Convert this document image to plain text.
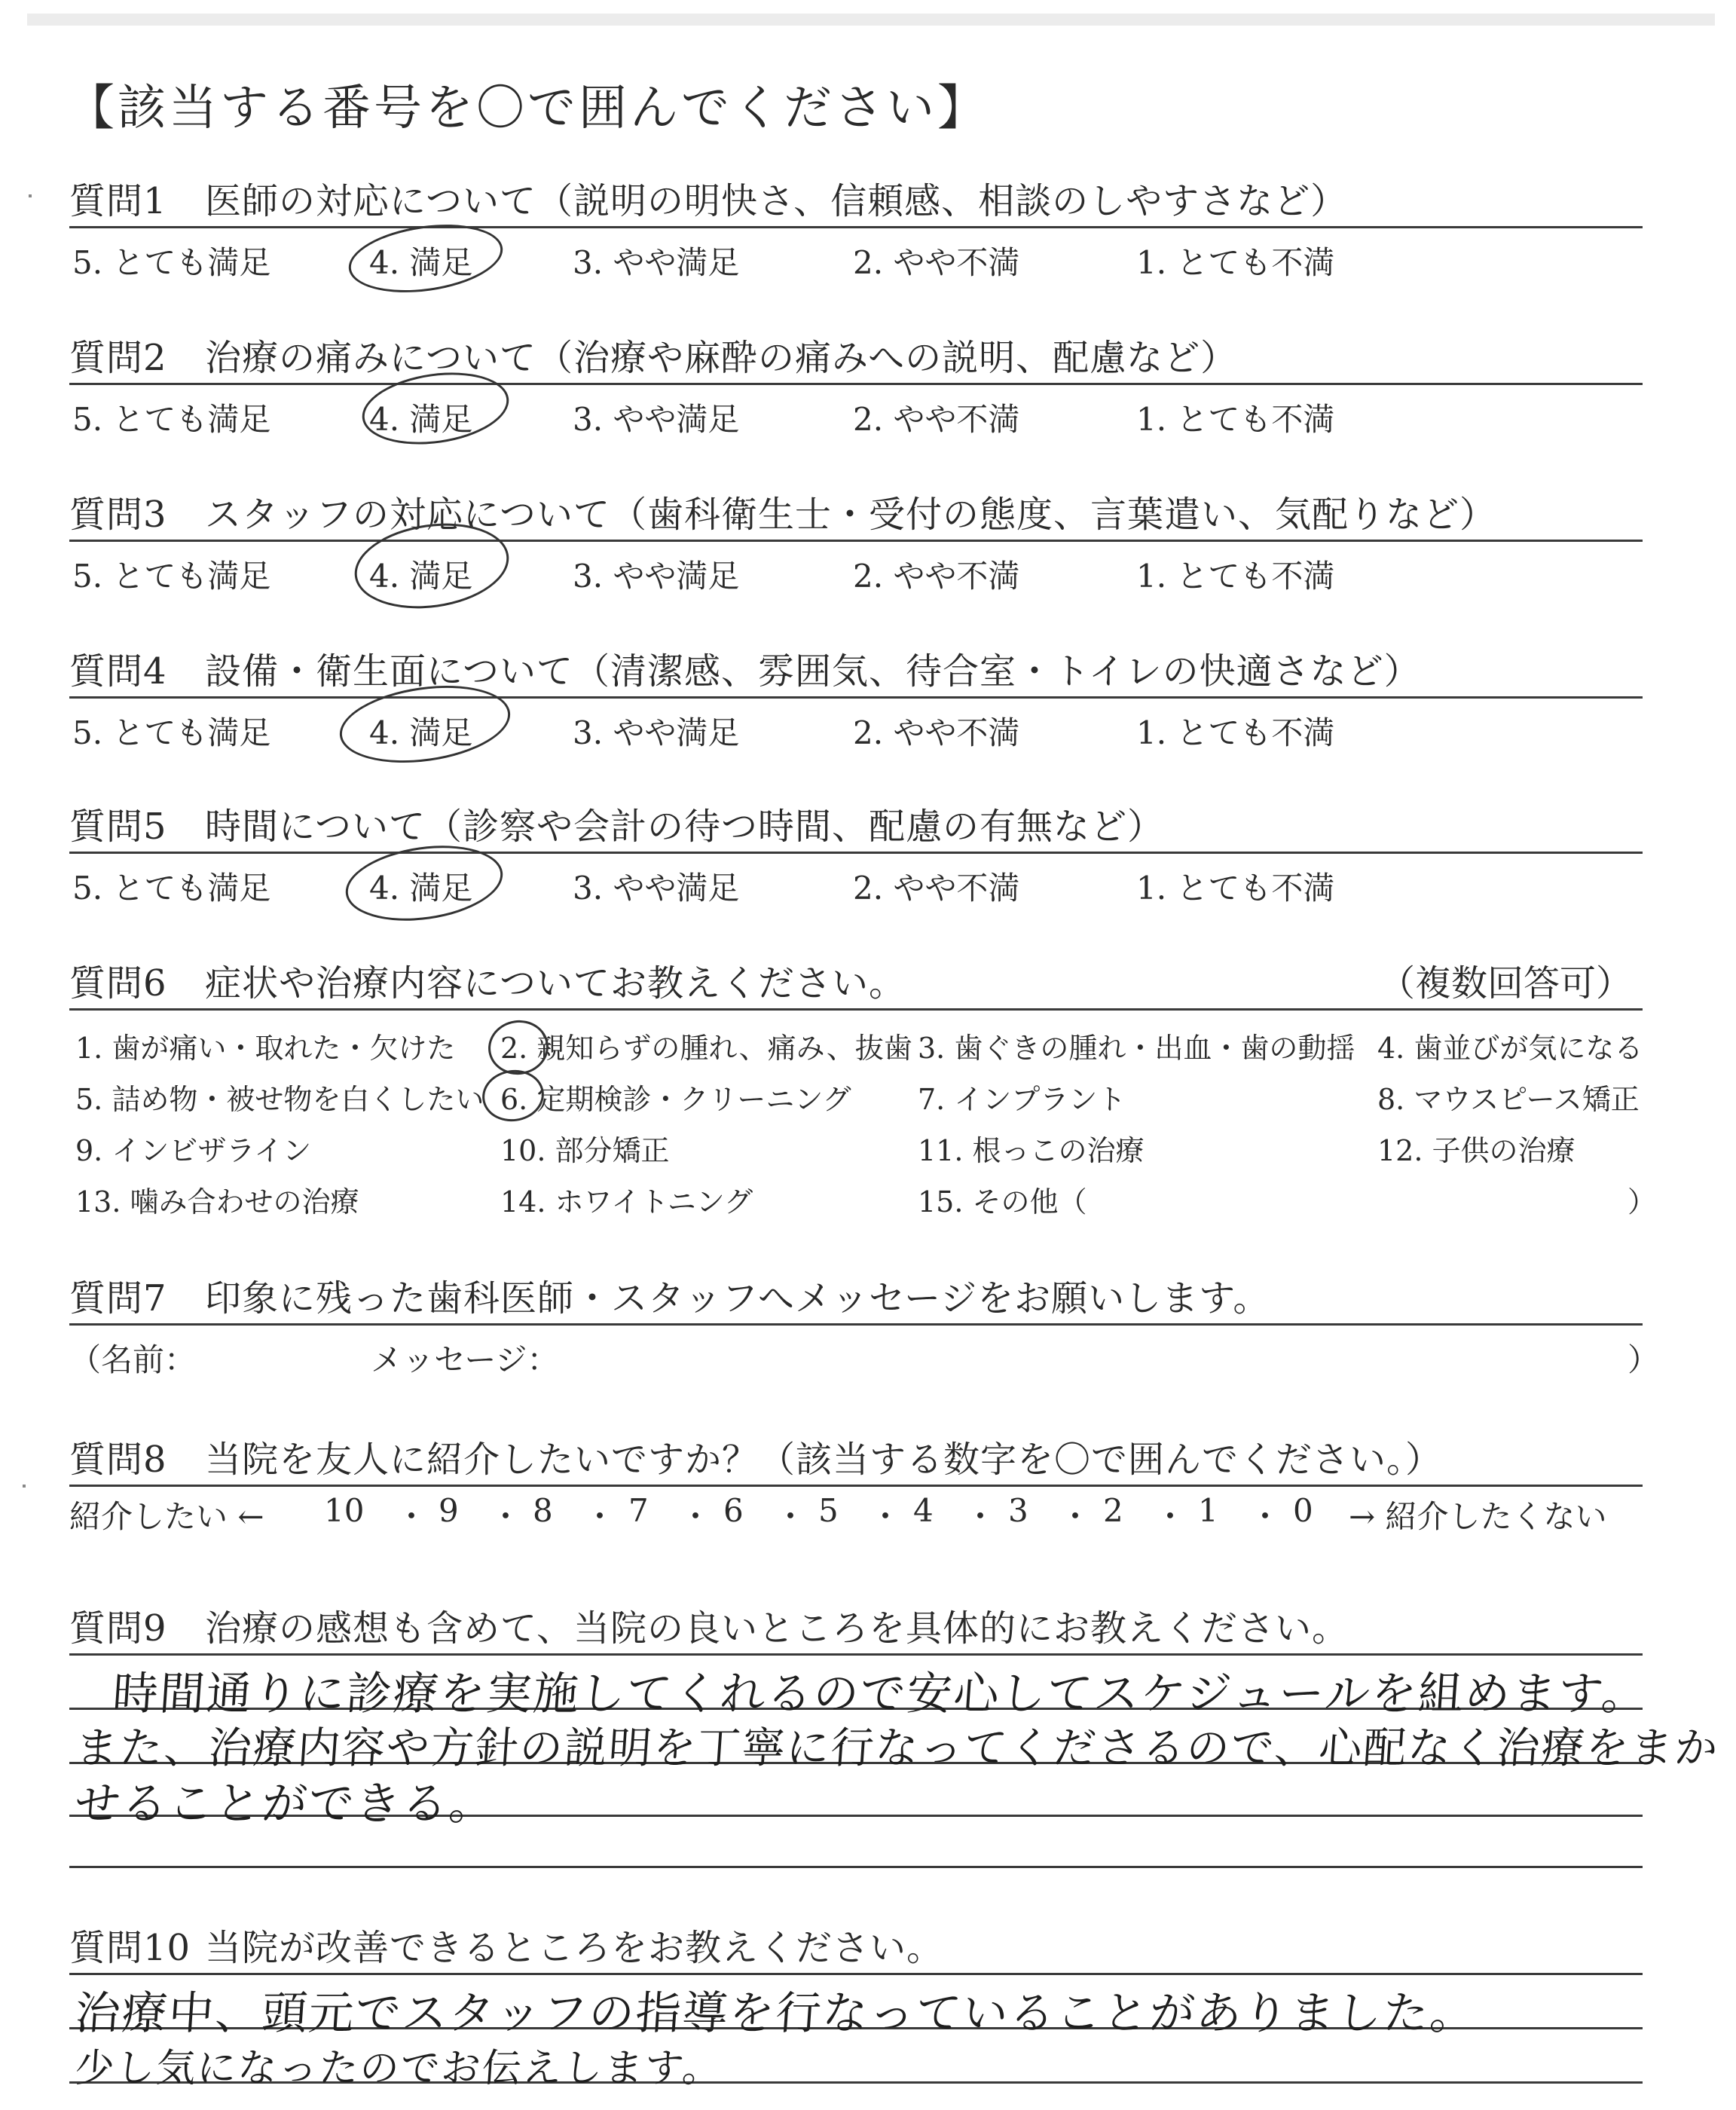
【該当する番号を〇で囲んでください】
質問1 医師の対応について（説明の明快さ、信頼感、相談のしやすさなど）
5. とても満足	4. 満足	3. やや満足	2. やや不満	1. とても不満
質問2 治療の痛みについて（治療や麻酔の痛みへの説明、配慮など）
5. とても満足	4. 満足	3. やや満足	2. やや不満	1. とても不満
質問3 スタッフの対応について（歯科衛生士・受付の態度、言葉遣い、気配りなど）
5. とても満足	4. 満足	3. やや満足	2. やや不満	1. とても不満
質問4 設備・衛生面について（清潔感、雰囲気、待合室・トイレの快適さなど）
5. とても満足	4. 満足	3. やや満足	2. やや不満	1. とても不満
質問5 時間について（診察や会計の待つ時間、配慮の有無など）
5. とても満足	4. 満足	3. やや満足	2. やや不満	1. とても不満
質問6 症状や治療内容についてお教えください。	（複数回答可）
1. 歯が痛い・取れた・欠けた 2. 親知らずの腫れ、痛み、抜歯 3. 歯ぐきの腫れ・出血・歯の動揺 4. 歯並びが気になる
5. 詰め物・被せ物を白くしたい 6. 定期検診・クリーニング 7. インプラント	8. マウスピース矯正
9. インビザライン	10. 部分矯正	11. 根っこの治療	12. 子供の治療
13. 噛み合わせの治療	14. ホワイトニング	15. その他（	）
質問7 印象に残った歯科医師・スタッフへメッセージをお願いします。
（名前：	メッセージ：	）
質問8 当院を友人に紹介したいですか？（該当する数字を〇で囲んでください。）
紹介したい ← 10 ・ 9 ・ 8 ・ 7 ・ 6 ・ 5 ・ 4 ・ 3 ・ 2 ・ 1 ・ 0 → 紹介したくない
質問9 治療の感想も含めて、当院の良いところを具体的にお教えください。
時間通りに診療を実施してくれるので安心してスケジュールを組めます。
また、治療内容や方針の説明を丁寧に行なってくださるので、心配なく治療をまか
せることができる。
質問10 当院が改善できるところをお教えください。
治療中、頭元でスタッフの指導を行なっていることがありました。
少し気になったのでお伝えします。
